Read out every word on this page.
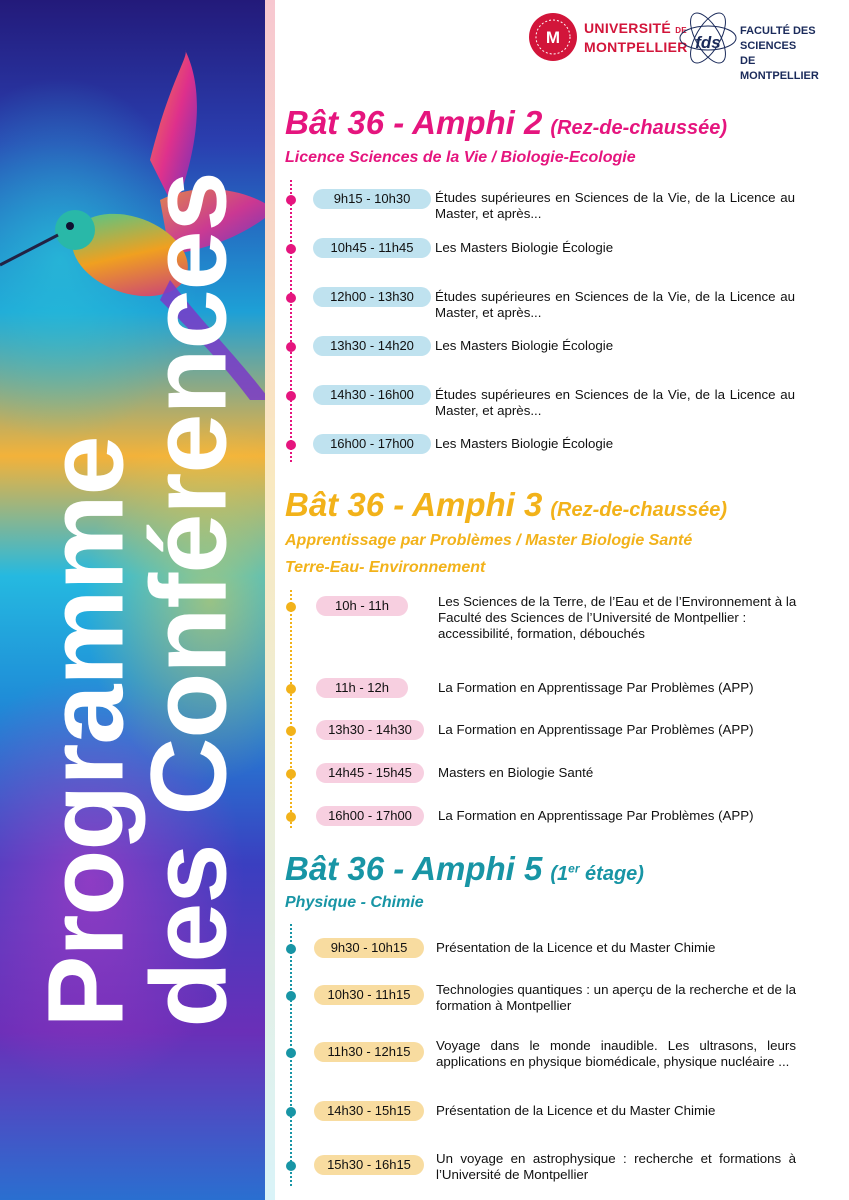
Programme
des Conférences
M UNIVERSITÉ DE
MONTPELLIER fds
FACULTÉ DES SCIENCES
DE MONTPELLIER
Bât 36 - Amphi 2 (Rez-de-chaussée)
Licence Sciences de la Vie / Biologie-Ecologie
9h15 - 10h30	Études supérieures en Sciences de la Vie, de la Licence au Master, et après...
10h45 - 11h45	Les Masters Biologie Écologie
12h00 - 13h30	Études supérieures en Sciences de la Vie, de la Licence au Master, et après...
13h30 - 14h20	Les Masters Biologie Écologie
14h30 - 16h00	Études supérieures en Sciences de la Vie, de la Licence au Master, et après...
16h00 - 17h00	Les Masters Biologie Écologie
Bât 36 - Amphi 3 (Rez-de-chaussée)
Apprentissage par Problèmes / Master Biologie Santé
Terre-Eau- Environnement
10h - 11h	Les Sciences de la Terre, de l’Eau et de l’Environnement à la Faculté des Sciences de l’Université de Montpellier : accessibilité, formation, débouchés
11h - 12h	La Formation en Apprentissage Par Problèmes (APP)
13h30 - 14h30	La Formation en Apprentissage Par Problèmes (APP)
14h45 - 15h45	Masters en Biologie Santé
16h00 - 17h00	La Formation en Apprentissage Par Problèmes (APP)
Bât 36 - Amphi 5 (1er étage)
Physique - Chimie
9h30 - 10h15	Présentation de la Licence et du Master Chimie
10h30 - 11h15	Technologies quantiques : un aperçu de la recherche et de la formation à Montpellier
11h30 - 12h15	Voyage dans le monde inaudible. Les ultrasons, leurs applications en physique biomédicale, physique nucléaire ...
14h30 - 15h15	Présentation de la Licence et du Master Chimie
15h30 - 16h15	Un voyage en astrophysique : recherche et formations à l’Université de Montpellier
